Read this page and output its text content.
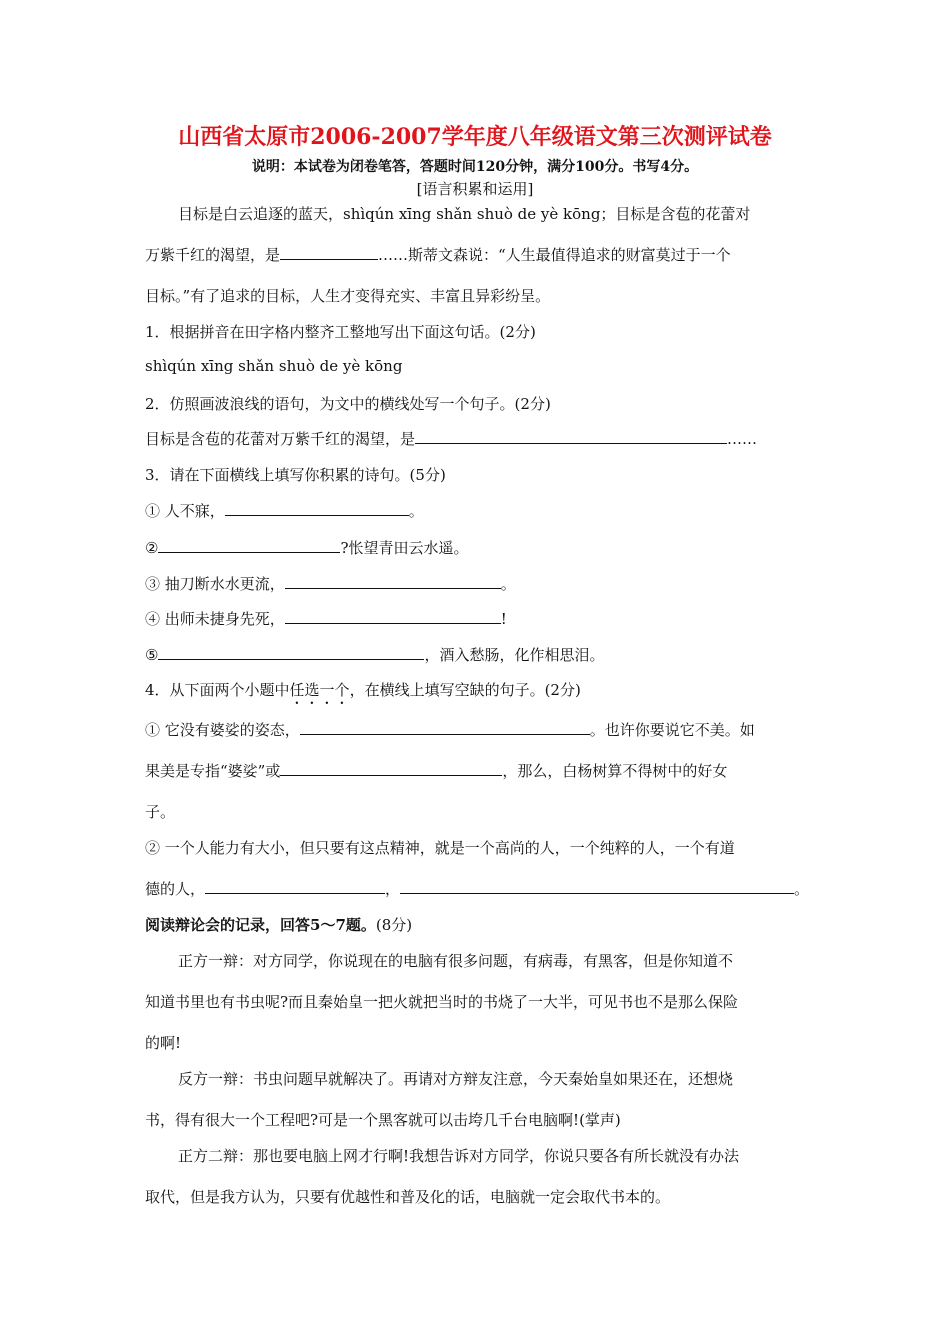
山西省太原市2006-2007学年度八年级语文第三次测评试卷
说明：本试卷为闭卷笔答，答题时间120分钟，满分100分。书写4分。
[语言积累和运用]
目标是白云追逐的蓝天，shìqún xīng shǎn shuò de yè kōng；目标是含苞的花蕾对
万紫千红的渴望，是	……斯蒂文森说：“人生最值得追求的财富莫过于一个
目标。”有了追求的目标，人生才变得充实、丰富且异彩纷呈。
1．根据拼音在田字格内整齐工整地写出下面这句话。(2分)
shìqún xīng shǎn shuò de yè kōng
2．仿照画波浪线的语句，为文中的横线处写一个句子。(2分)
目标是含苞的花蕾对万紫千红的渴望，是	……
3．请在下面横线上填写你积累的诗句。(5分)
① 人不寐，	。
②	?怅望青田云水遥。
③ 抽刀断水水更流，	。
④ 出师未捷身先死，	!
⑤	，酒入愁肠，化作相思泪。
4．从下面两个小题中任选一个，在横线上填写空缺的句子。(2分)
① 它没有婆娑的姿态，	。也许你要说它不美。如
果美是专指“婆娑”或	，那么，白杨树算不得树中的好女
子。
② 一个人能力有大小，但只要有这点精神，就是一个高尚的人，一个纯粹的人，一个有道
德的人，	，	。
阅读辩论会的记录，回答5～7题。(8分)
正方一辩：对方同学，你说现在的电脑有很多问题，有病毒，有黑客，但是你知道不
知道书里也有书虫呢?而且秦始皇一把火就把当时的书烧了一大半，可见书也不是那么保险
的啊!
反方一辩：书虫问题早就解决了。再请对方辩友注意，今天秦始皇如果还在，还想烧
书，得有很大一个工程吧?可是一个黑客就可以击垮几千台电脑啊!(掌声)
正方二辩：那也要电脑上网才行啊!我想告诉对方同学，你说只要各有所长就没有办法
取代，但是我方认为，只要有优越性和普及化的话，电脑就一定会取代书本的。
